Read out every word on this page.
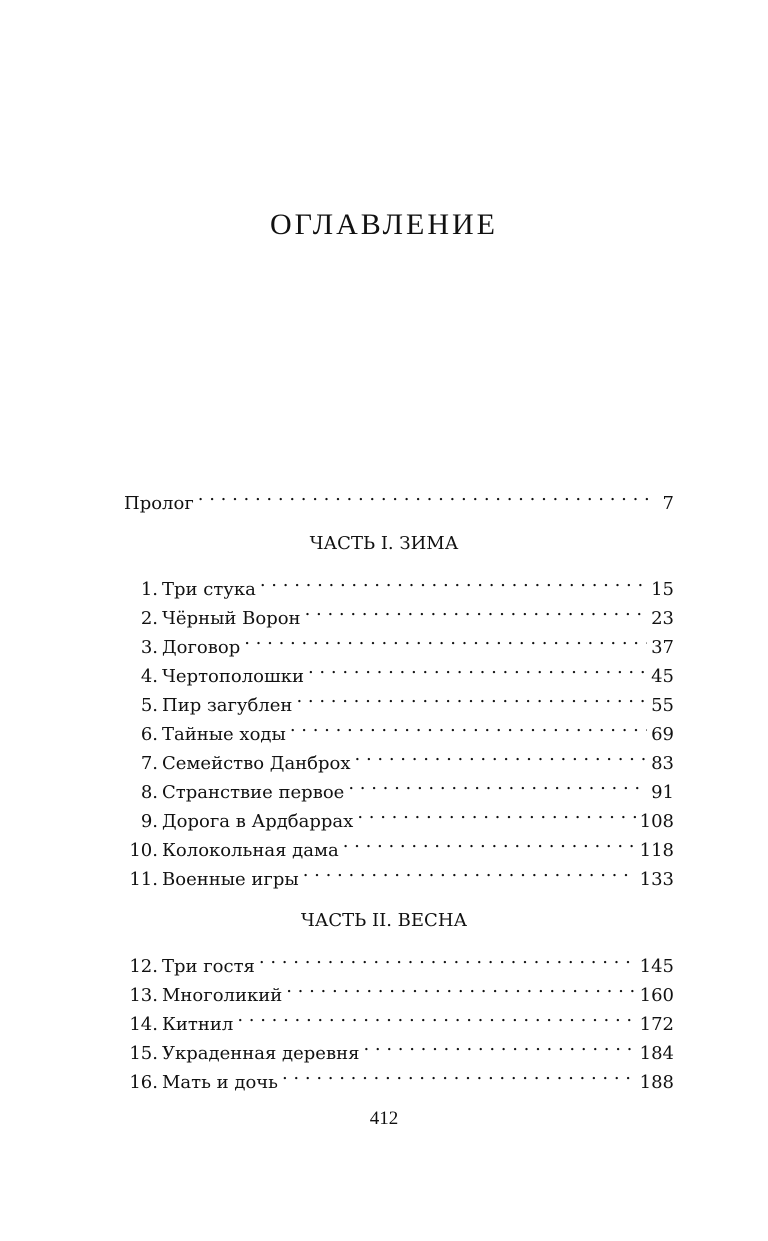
ОГЛАВЛЕНИЕ
Пролог . . .	7
ЧАСТЬ I. ЗИМА
1. Три стука . . .	15
2. Чёрный Ворон . . .	23
3. Договор . . .	37
4. Чертополошки . . .	45
5. Пир загублен . . .	55
6. Тайные ходы . . .	69
7. Семейство Данброх . . .	83
8. Странствие первое . . .	91
9. Дорога в Ардбаррах . . .	108
10. Колокольная дама . . .	118
11. Военные игры . . .	133
ЧАСТЬ II. ВЕСНА
12. Три гостя . . .	145
13. Многоликий . . .	160
14. Китнил . . .	172
15. Украденная деревня . . .	184
16. Мать и дочь . . .	188
412
